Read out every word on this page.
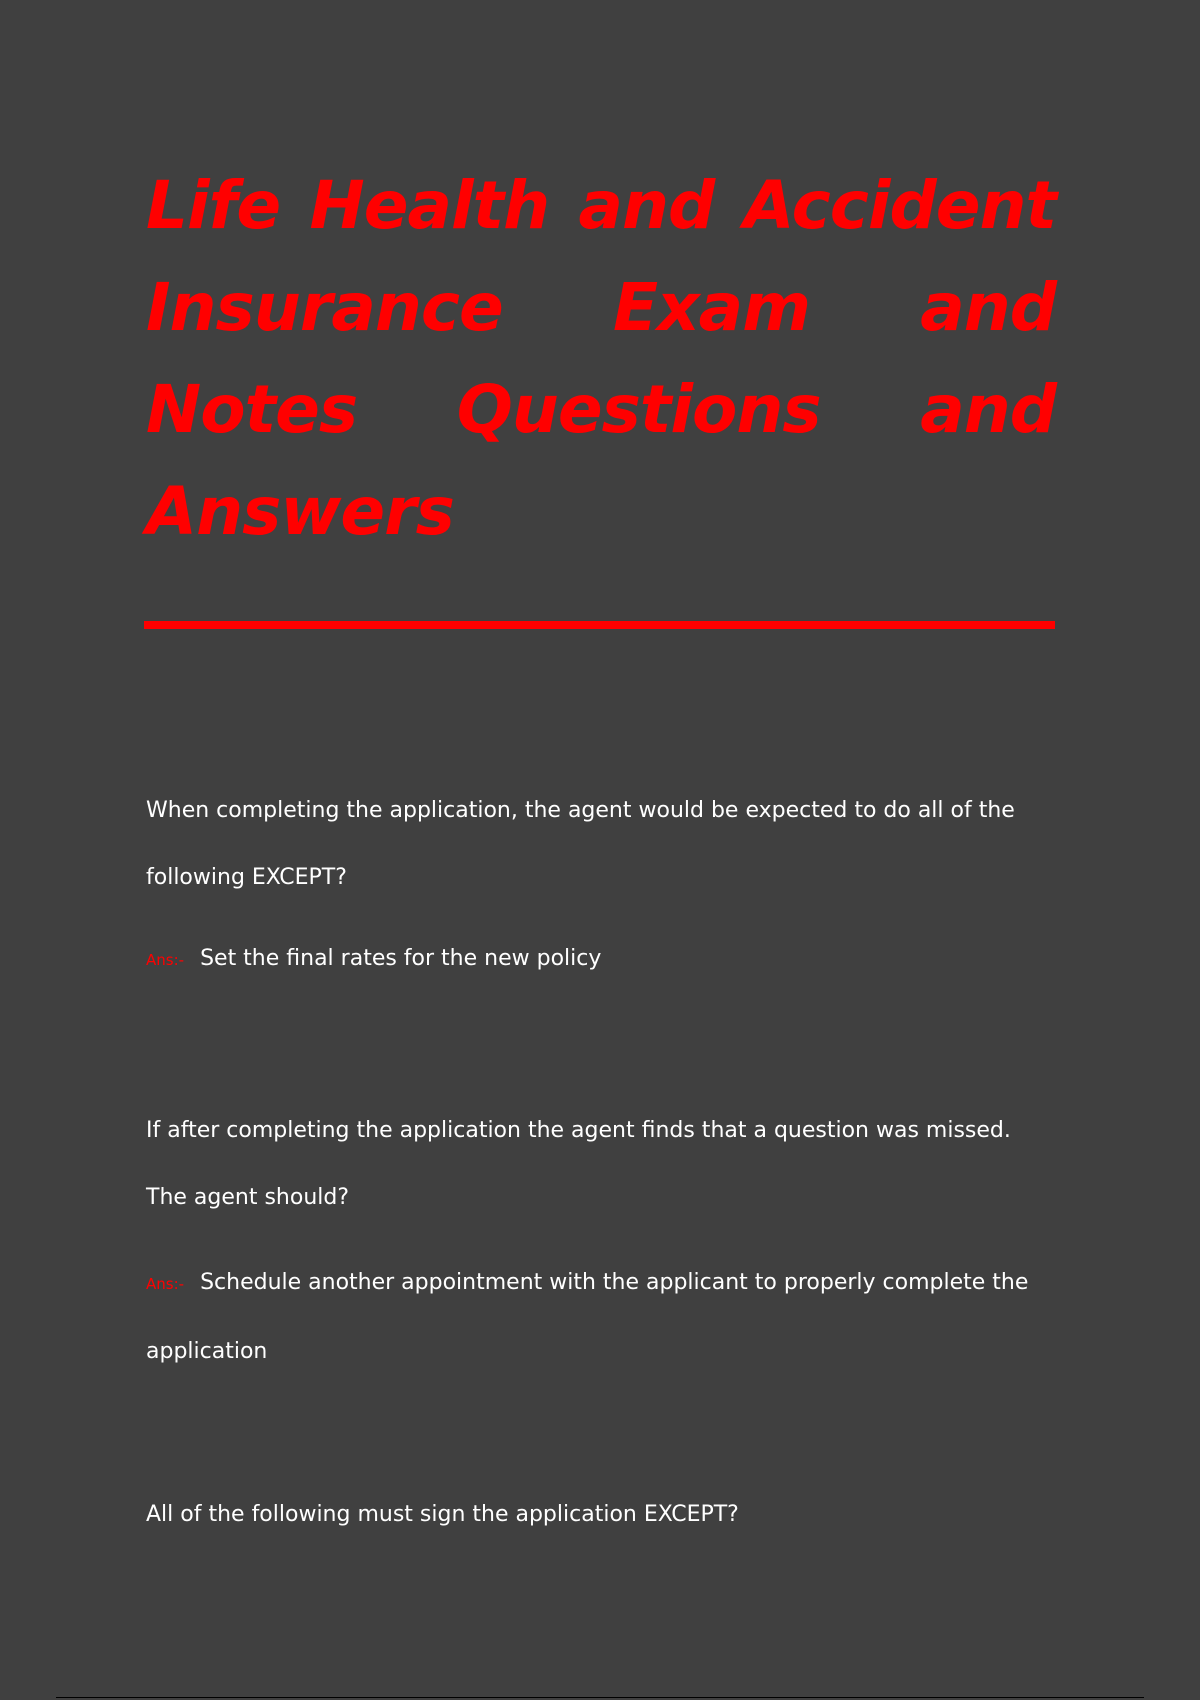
Life Health and Accident Insurance Exam and Notes Questions and Answers

When completing the application, the agent would be expected to do all of the following EXCEPT?

Ans:- Set the final rates for the new policy

If after completing the application the agent finds that a question was missed. The agent should?

Ans:- Schedule another appointment with the applicant to properly complete the application

All of the following must sign the application EXCEPT?
